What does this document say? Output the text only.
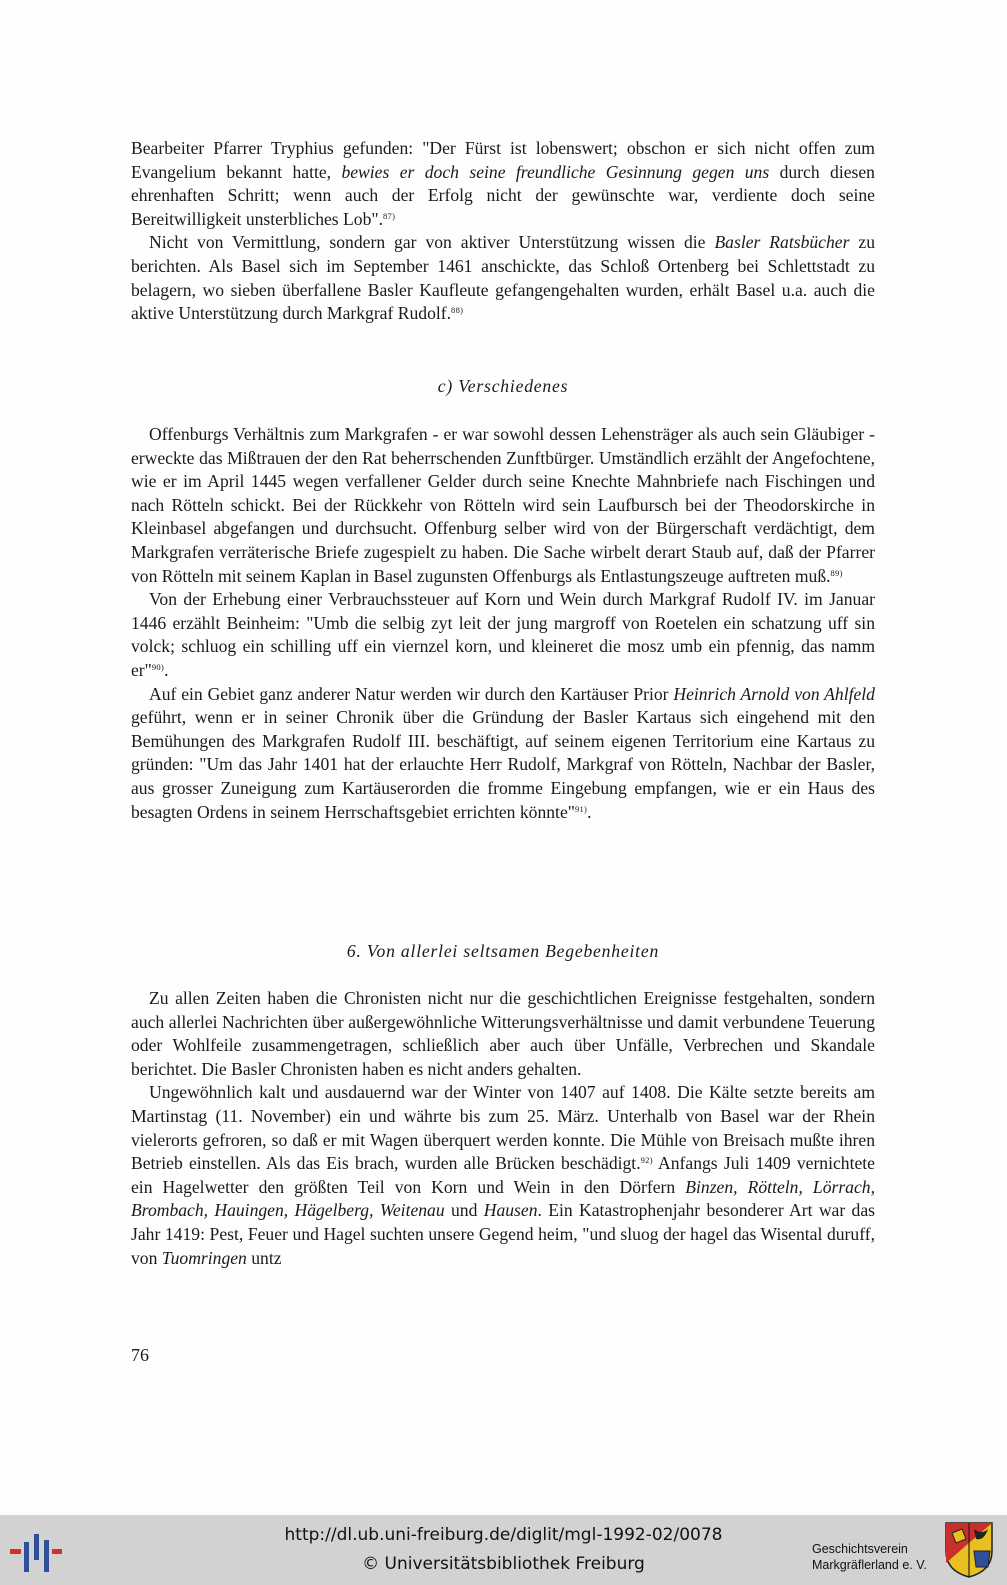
Bearbeiter Pfarrer Tryphius gefunden: "Der Fürst ist lobenswert; obschon er sich nicht offen zum Evangelium bekannt hatte, bewies er doch seine freundliche Gesinnung gegen uns durch diesen ehrenhaften Schritt; wenn auch der Erfolg nicht der gewünschte war, verdiente doch seine Bereitwilligkeit unsterbliches Lob".$^{87)}$

Nicht von Vermittlung, sondern gar von aktiver Unterstützung wissen die Basler Ratsbücher zu berichten. Als Basel sich im September 1461 anschickte, das Schloß Ortenberg bei Schlettstadt zu belagern, wo sieben überfallene Basler Kaufleute gefangengehalten wurden, erhält Basel u.a. auch die aktive Unterstützung durch Markgraf Rudolf.$^{88)}$

c) Verschiedenes

Offenburgs Verhältnis zum Markgrafen - er war sowohl dessen Lehensträger als auch sein Gläubiger - erweckte das Mißtrauen der den Rat beherrschenden Zunftbürger. Umständlich erzählt der Angefochtene, wie er im April 1445 wegen verfallener Gelder durch seine Knechte Mahnbriefe nach Fischingen und nach Rötteln schickt. Bei der Rückkehr von Rötteln wird sein Laufbursch bei der Theodorskirche in Kleinbasel abgefangen und durchsucht. Offenburg selber wird von der Bürgerschaft verdächtigt, dem Markgrafen verräterische Briefe zugespielt zu haben. Die Sache wirbelt derart Staub auf, daß der Pfarrer von Rötteln mit seinem Kaplan in Basel zugunsten Offenburgs als Entlastungszeuge auftreten muß.$^{89)}$

Von der Erhebung einer Verbrauchssteuer auf Korn und Wein durch Markgraf Rudolf IV. im Januar 1446 erzählt Beinheim: "Umb die selbig zyt leit der jung margroff von Roetelen ein schatzung uff sin volck; schluog ein schilling uff ein viernzel korn, und kleineret die mosz umb ein pfennig, das namm er"$^{90)}$.

Auf ein Gebiet ganz anderer Natur werden wir durch den Kartäuser Prior Heinrich Arnold von Ahlfeld geführt, wenn er in seiner Chronik über die Gründung der Basler Kartaus sich eingehend mit den Bemühungen des Markgrafen Rudolf III. beschäftigt, auf seinem eigenen Territorium eine Kartaus zu gründen: "Um das Jahr 1401 hat der erlauchte Herr Rudolf, Markgraf von Rötteln, Nachbar der Basler, aus grosser Zuneigung zum Kartäuserorden die fromme Eingebung empfangen, wie er ein Haus des besagten Ordens in seinem Herrschaftsgebiet errichten könnte"$^{91)}$.

6. Von allerlei seltsamen Begebenheiten

Zu allen Zeiten haben die Chronisten nicht nur die geschichtlichen Ereignisse festgehalten, sondern auch allerlei Nachrichten über außergewöhnliche Witterungsverhältnisse und damit verbundene Teuerung oder Wohlfeile zusammengetragen, schließlich aber auch über Unfälle, Verbrechen und Skandale berichtet. Die Basler Chronisten haben es nicht anders gehalten.

Ungewöhnlich kalt und ausdauernd war der Winter von 1407 auf 1408. Die Kälte setzte bereits am Martinstag (11. November) ein und währte bis zum 25. März. Unterhalb von Basel war der Rhein vielerorts gefroren, so daß er mit Wagen überquert werden konnte. Die Mühle von Breisach mußte ihren Betrieb einstellen. Als das Eis brach, wurden alle Brücken beschädigt.$^{92)}$ Anfangs Juli 1409 vernichtete ein Hagelwetter den größten Teil von Korn und Wein in den Dörfern Binzen, Rötteln, Lörrach, Brombach, Hauingen, Hägelberg, Weitenau und Hausen. Ein Katastrophenjahr besonderer Art war das Jahr 1419: Pest, Feuer und Hagel suchten unsere Gegend heim, "und sluog der hagel das Wisental duruff, von Tuomringen untz

76

http://dl.ub.uni-freiburg.de/diglit/mgl-1992-02/0078

© Universitätsbibliothek Freiburg

Geschichtsverein
Markgräflerland e. V.
